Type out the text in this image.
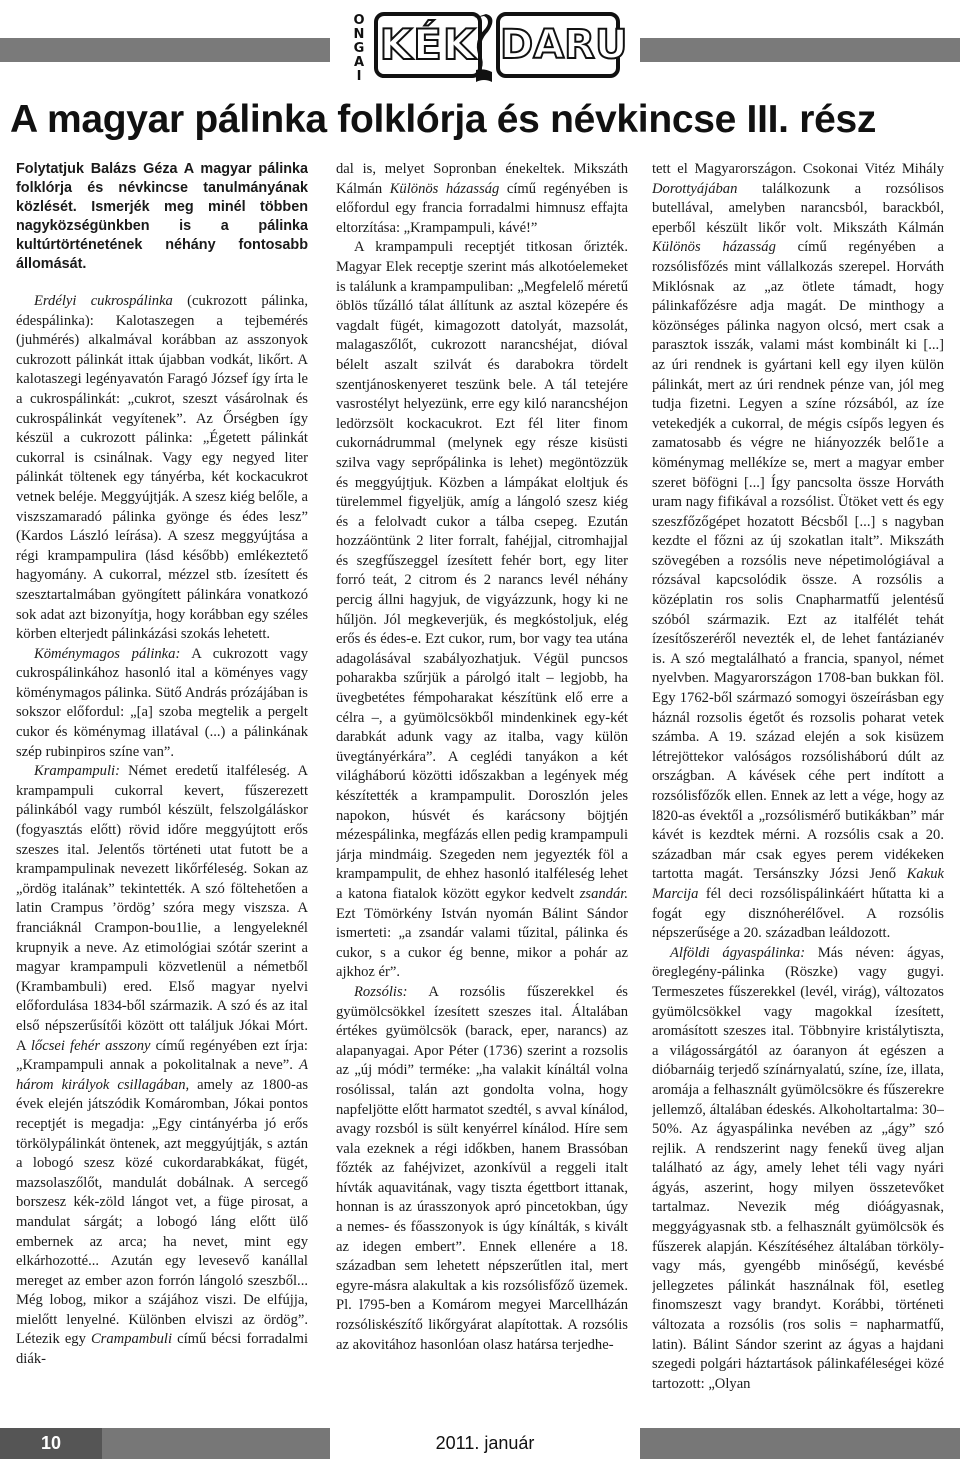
O
N
G
A
I
KÉK DARU
A magyar pálinka folklórja és névkincse III. rész

Folytatjuk Balázs Géza A magyar pálinka folklórja és névkincse tanulmányának közlését. Ismerjék meg minél többen nagyközségünkben is a pálinka kultúrtörténetének néhány fontosabb állomását.

Erdélyi cukrospálinka (cukrozott pálinka, édespálinka): Kalotaszegen a tejbemérés (juhmérés) alkalmával korábban az asszonyok cukrozott pálinkát ittak újabban vodkát, likőrt. A kalotaszegi legényavatón Faragó József így írta le a cukrospálinkát: „cukrot, szeszt vásárolnak és cukrospálinkát vegyítenek”. Az Őrségben így készül a cukrozott pálinka: „Égetett pálinkát cukorral is csinálnak. Vagy egy negyed liter pálinkát töltenek egy tányérba, két kockacukrot vetnek beléje. Meggyújtják. A szesz kiég belőle, a viszszamaradó pálinka gyönge és édes lesz” (Kardos László leírása). A szesz meggyújtása a régi krampampulira (lásd később) emlékeztető hagyomány. A cukorral, mézzel stb. ízesített és szesztartalmában gyöngített pálinkára vonatkozó sok adat azt bizonyítja, hogy korábban egy széles körben elterjedt pálinkázási szokás lehetett.

Köménymagos pálinka: A cukrozott vagy cukrospálinkához hasonló ital a köményes vagy köménymagos pálinka. Sütő András prózájában is sokszor előfordul: „[a] szoba megtelik a pergelt cukor és köménymag illatával (...) a pálinkának szép rubinpiros színe van”.

Krampampuli: Német eredetű italféleség. A krampampuli cukorral kevert, fűszerezett pálinkából vagy rumból készült, felszolgáláskor (fogyasztás előtt) rövid időre meggyújtott erős szeszes ital. Jelentős történeti utat futott be a krampampulinak nevezett likőrféleség. Sokan az „ördög italának” tekintették. A szó föltehetően a latin Crampus ’ördög’ szóra megy viszsza. A franciáknál Crampon-bou1lie, a lengyeleknél krupnyik a neve. Az etimológiai szótár szerint a magyar krampampuli közvetlenül a németből (Krambambuli) ered. Első magyar nyelvi előfordulása 1834-ből származik. A szó és az ital első népszerűsítői között ott találjuk Jókai Mórt. A lőcsei fehér asszony című regényében ezt írja: „Krampampuli annak a pokolitalnak a neve”. A három királyok csillagában, amely az 1800-as évek elején játszódik Komáromban, Jókai pontos receptjét is megadja: „Egy cintányérba jó erős törkölypálinkát öntenek, azt meggyújtják, s aztán a lobogó szesz közé cukordarabkákat, fügét, mazsolaszőlőt, mandulát dobálnak. A sercegő borszesz kék-zöld lángot vet, a füge pirosat, a mandulat sárgát; a lobogó láng előtt ülő embernek az arca; ha nevet, mint egy elkárhozotté... Azután egy levesevő kanállal mereget az ember azon forrón lángoló szeszből... Még lobog, mikor a szájához viszi. De elfújja, mielőtt lenyelné. Különben elviszi az ördög”. Létezik egy Crampambuli című bécsi forradalmi diák-

dal is, melyet Sopronban énekeltek. Mikszáth Kálmán Különös házasság című regényében is előfordul egy francia forradalmi himnusz effajta eltorzítása: „Krampampuli, kávé!”

A krampampuli receptjét titkosan őrizték. Magyar Elek receptje szerint más alkotóelemeket is találunk a krampampuliban: „Megfelelő méretű öblös tűzálló tálat állítunk az asztal közepére és vagdalt fügét, kimagozott datolyát, mazsolát, malagaszőlőt, cukrozott narancshéjat, dióval bélelt aszalt szilvát és darabokra tördelt szentjánoskenyeret teszünk bele. A tál tetejére vasrostélyt helyezünk, erre egy kiló narancshéjon ledörzsölt kockacukrot. Ezt fél liter finom cukornádrummal (melynek egy része kisüsti szilva vagy seprőpálinka is lehet) megöntözzük és meggyújtjuk. Közben a lámpákat eloltjuk és türelemmel figyeljük, amíg a lángoló szesz kiég és a felolvadt cukor a tálba csepeg. Ezután hozzáöntünk 2 liter forralt, fahéjjal, citromhajjal és szegfűszeggel ízesített fehér bort, egy liter forró teát, 2 citrom és 2 narancs levél néhány percig állni hagyjuk, de vigyázzunk, hogy ki ne hűljön. Jól megkeverjük, és megkóstoljuk, elég erős és édes-e. Ezt cukor, rum, bor vagy tea utána adagolásával szabályozhatjuk. Végül puncsos poharakba szűrjük a párolgó italt – legjobb, ha üvegbetétes fémpoharakat készítünk elő erre a célra –, a gyümölcsökből mindenkinek egy-két darabkát adunk vagy az italba, vagy külön üvegtányérkára”. A ceglédi tanyákon a két világháború közötti időszakban a legények még készítették a krampampulit. Doroszlón jeles napokon, húsvét és karácsony böjtjén mézespálinka, megfázás ellen pedig krampampuli járja mindmáig. Szegeden nem jegyezték föl a krampampulit, de ehhez hasonló italféleség lehet a katona fiatalok között egykor kedvelt zsandár. Ezt Tömörkény István nyomán Bálint Sándor ismerteti: „a zsandár valami tűzital, pálinka és cukor, s a cukor ég benne, mikor a pohár az ajkhoz ér”.

Rozsólis: A rozsólis fűszerekkel és gyümölcsökkel ízesített szeszes ital. Általában értékes gyümölcsök (barack, eper, narancs) az alapanyagai. Apor Péter (1736) szerint a rozsolis az „új módi” terméke: „ha valakit kínáltál volna rosólissal, talán azt gondolta volna, hogy napfeljötte előtt harmatot szedtél, s avval kínálod, avagy rozsból is sült kenyérrel kínálod. Híre sem vala ezeknek a régi időkben, hanem Brassóban főzték az fahéjvizet, azonkívül a reggeli italt hívták aquavitának, vagy tiszta égettbort ittanak, honnan is az úrasszonyok apró pincetokban, úgy a nemes- és főasszonyok is úgy kínálták, s kivált az idegen embert”. Ennek ellenére a 18. században sem lehetett népszerűtlen ital, mert egyre-másra alakultak a kis rozsólisfőző üzemek. Pl. l795-ben a Komárom megyei Marcellházán rozsóliskészítő likőrgyárat alapítottak. A rozsólis az akovitához hasonlóan olasz határsa terjedhe-

tett el Magyarországon. Csokonai Vitéz Mihály Dorottyájában találkozunk a rozsólisos butellával, amelyben narancsból, barackból, eperből készült likőr volt. Mikszáth Kálmán Különös házasság című regényében a rozsólisfőzés mint vállalkozás szerepel. Horváth Miklósnak az „az ötlete támadt, hogy pálinkafőzésre adja magát. De minthogy a közönséges pálinka nagyon olcsó, mert csak a parasztok isszák, valami mást kombinált ki [...] az úri rendnek is gyártani kell egy ilyen külön pálinkát, mert az úri rendnek pénze van, jól meg tudja fizetni. Legyen a színe rózsából, az íze vetekedjék a cukorral, de mégis csípős legyen és zamatosabb és végre ne hiányozzék belő1e a köménymag mellékíze se, mert a magyar ember szeret böfögni [...] Így pancsolta össze Horváth uram nagy fifikával a rozsólist. Ütöket vett és egy szeszfőzőgépet hozatott Bécsből [...] s nagyban kezdte el főzni az új szokatlan italt”. Mikszáth szövegében a rozsólis neve népetimológiával a rózsával kapcsolódik össze. A rozsólis a középlatin ros solis Cnapharmatfű jelentésű szóból származik. Ezt az italfélét tehát ízesítőszeréről nevezték el, de lehet fantázianév is. A szó megtalálható a francia, spanyol, német nyelvben. Magyarországon 1708-ban bukkan föl. Egy 1762-ből származó somogyi öszeírásban egy háznál rozsolis égetőt és rozsolis poharat vetek számba. A 19. század elején a sok kisüzem létrejöttekor valóságos rozsólisháború dúlt az országban. A kávések céhe pert indított a rozsólisfőzők ellen. Ennek az lett a vége, hogy az l820-as évektől a „rozsólismérő butikákban” már kávét is kezdtek mérni. A rozsólis csak a 20. században már csak egyes perem vidékeken tartotta magát. Tersánszky Józsi Jenő Kakuk Marcija fél deci rozsólispálinkáért hűtatta ki a fogát egy disznóherélővel. A rozsólis népszerűsége a 20. században leáldozott.

Alföldi ágyaspálinka: Más néven: ágyas, öreglegény-pálinka (Röszke) vagy gugyi. Termeszetes fűszerekkel (levél, virág), változatos gyümölcsökkel vagy magokkal ízesített, aromásított szeszes ital. Többnyire kristálytiszta, a világossárgától az óaranyon át egészen a dióbarnáig terjedő színárnyalatú, színe, íze, illata, aromája a felhasznált gyümölcsökre és fűszerekre jellemző, általában édeskés. Alkoholtartalma: 30–50%. Az ágyaspálinka nevében az „ágy” szó rejlik. A rendszerint nagy fenekű üveg aljan található az ágy, amely lehet téli vagy nyári ágyás, aszerint, hogy milyen összetevőket tartalmaz. Nevezik még dióágyasnak, meggyágyasnak stb. a felhasznált gyümölcsök és fűszerek alapján. Készítéséhez általában törköly- vagy más, gyengébb minőségű, kevésbé jellegzetes pálinkát használnak föl, esetleg finomszeszt vagy brandyt. Korábbi, történeti változata a rozsólis (ros solis = napharmatfű, latin). Bálint Sándor szerint az ágyas a hajdani szegedi polgári háztartások pálinkaféleségei közé tartozott: „Olyan

10	2011. január
